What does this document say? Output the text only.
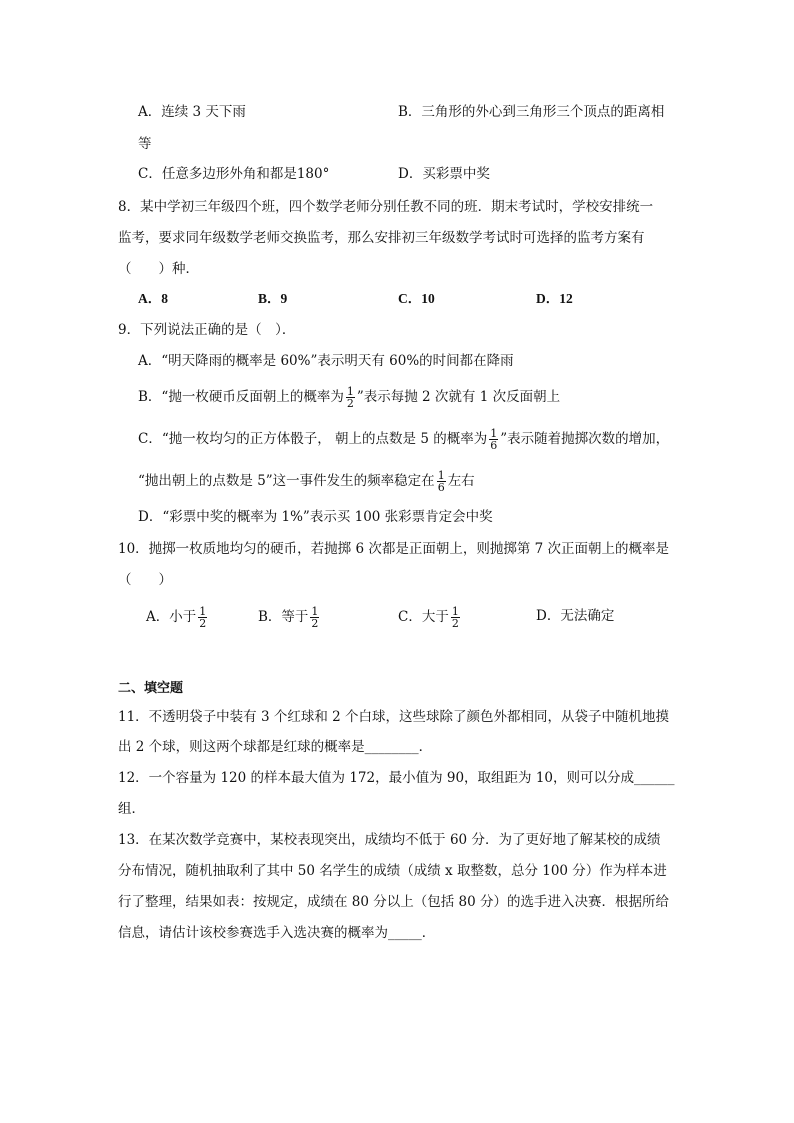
A．连续 3 天下雨	B．三角形的外心到三角形三个顶点的距离相
等
C．任意多边形外角和都是180°	D．买彩票中奖
8．某中学初三年级四个班，四个数学老师分别任教不同的班．期末考试时，学校安排统一
监考，要求同年级数学老师交换监考，那么安排初三年级数学考试时可选择的监考方案有
（　　）种．
A．8	B．9	C．10	D．12
9．下列说法正确的是（　）．
A．“明天降雨的概率是 60%”表示明天有 60%的时间都在降雨
B．“抛一枚硬币反面朝上的概率为 $\frac{1}{2}$ ”表示每抛 2 次就有 1 次反面朝上
C．“抛一枚均匀的正方体骰子， 朝上的点数是 5 的概率为 $\frac{1}{6}$ ”表示随着抛掷次数的增加，
“抛出朝上的点数是 5”这一事件发生的频率稳定在 $\frac{1}{6}$ 左右
D．“彩票中奖的概率为 1%”表示买 100 张彩票肯定会中奖
10．抛掷一枚质地均匀的硬币，若抛掷 6 次都是正面朝上，则抛掷第 7 次正面朝上的概率是
（　　）
A．小于 $\frac{1}{2}$	B．等于 $\frac{1}{2}$	C．大于 $\frac{1}{2}$	D．无法确定
二、填空题
11．不透明袋子中装有 3 个红球和 2 个白球，这些球除了颜色外都相同，从袋子中随机地摸
出 2 个球，则这两个球都是红球的概率是________．
12．一个容量为 120 的样本最大值为 172，最小值为 90，取组距为 10，则可以分成______
组．
13．在某次数学竞赛中，某校表现突出，成绩均不低于 60 分．为了更好地了解某校的成绩
分布情况，随机抽取利了其中 50 名学生的成绩（成绩 x 取整数，总分 100 分）作为样本进
行了整理，结果如表：按规定，成绩在 80 分以上（包括 80 分）的选手进入决赛．根据所给
信息，请估计该校参赛选手入选决赛的概率为_____．
